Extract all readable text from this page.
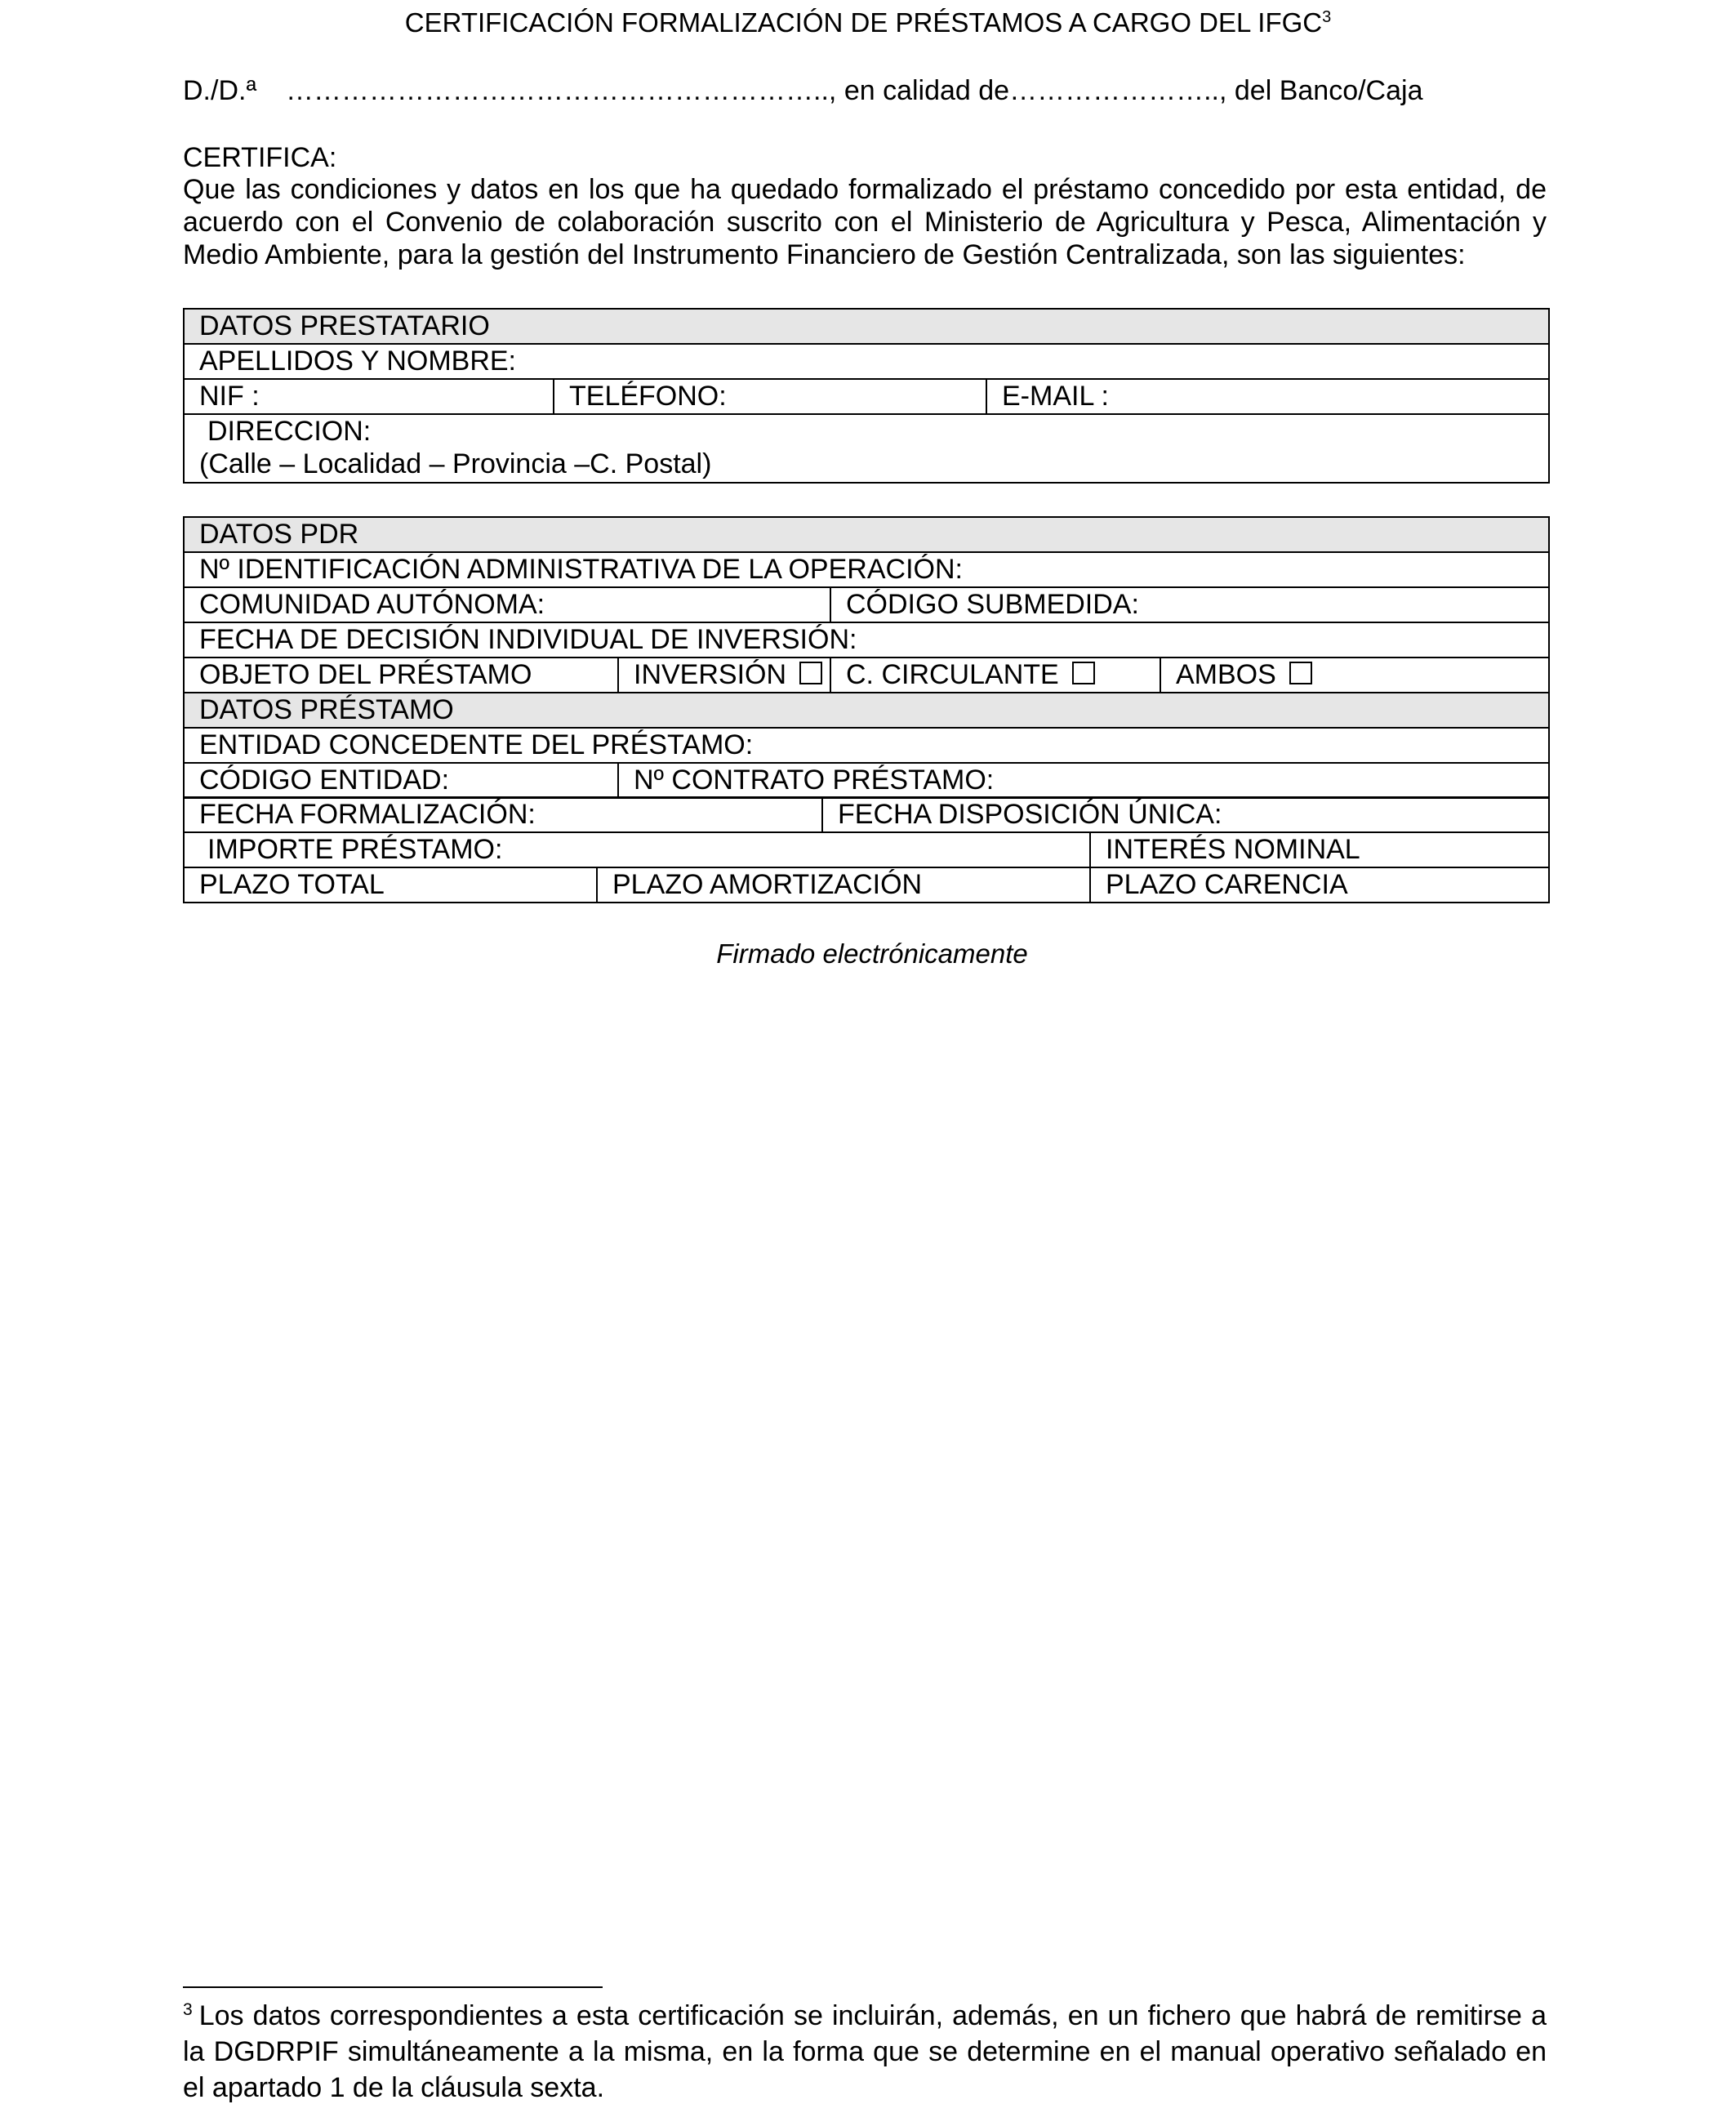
CERTIFICACIÓN FORMALIZACIÓN DE PRÉSTAMOS A CARGO DEL IFGC$^3$
D./D.ª ………………………………………………….., en calidad de………………….., del Banco/Caja
CERTIFICA:
Que las condiciones y datos en los que ha quedado formalizado el préstamo concedido por esta entidad, de acuerdo con el Convenio de colaboración suscrito con el Ministerio de Agricultura y Pesca, Alimentación y Medio Ambiente, para la gestión del Instrumento Financiero de Gestión Centralizada, son las siguientes:
DATOS PRESTATARIO
APELLIDOS Y NOMBRE:
NIF :	TELÉFONO:	E-MAIL :

DIRECCION:
(Calle – Localidad – Provincia –C. Postal)
DATOS PDR			
Nº IDENTIFICACIÓN ADMINISTRATIVA DE LA OPERACIÓN:			
COMUNIDAD AUTÓNOMA:		CÓDIGO SUBMEDIDA:	
FECHA DE DECISIÓN INDIVIDUAL DE INVERSIÓN:			
OBJETO DEL PRÉSTAMO	INVERSIÓN	C. CIRCULANTE	AMBOS
DATOS PRÉSTAMO			
ENTIDAD CONCEDENTE DEL PRÉSTAMO:			
CÓDIGO ENTIDAD:	Nº CONTRATO PRÉSTAMO:		
FECHA FORMALIZACIÓN:	FECHA DISPOSICIÓN ÚNICA:
IMPORTE PRÉSTAMO:	INTERÉS NOMINAL
PLAZO TOTAL	PLAZO AMORTIZACIÓN	PLAZO CARENCIA
Firmado electrónicamente
$^3$ Los datos correspondientes a esta certificación se incluirán, además, en un fichero que habrá de remitirse a la DGDRPIF simultáneamente a la misma, en la forma que se determine en el manual operativo señalado en el apartado 1 de la cláusula sexta.
